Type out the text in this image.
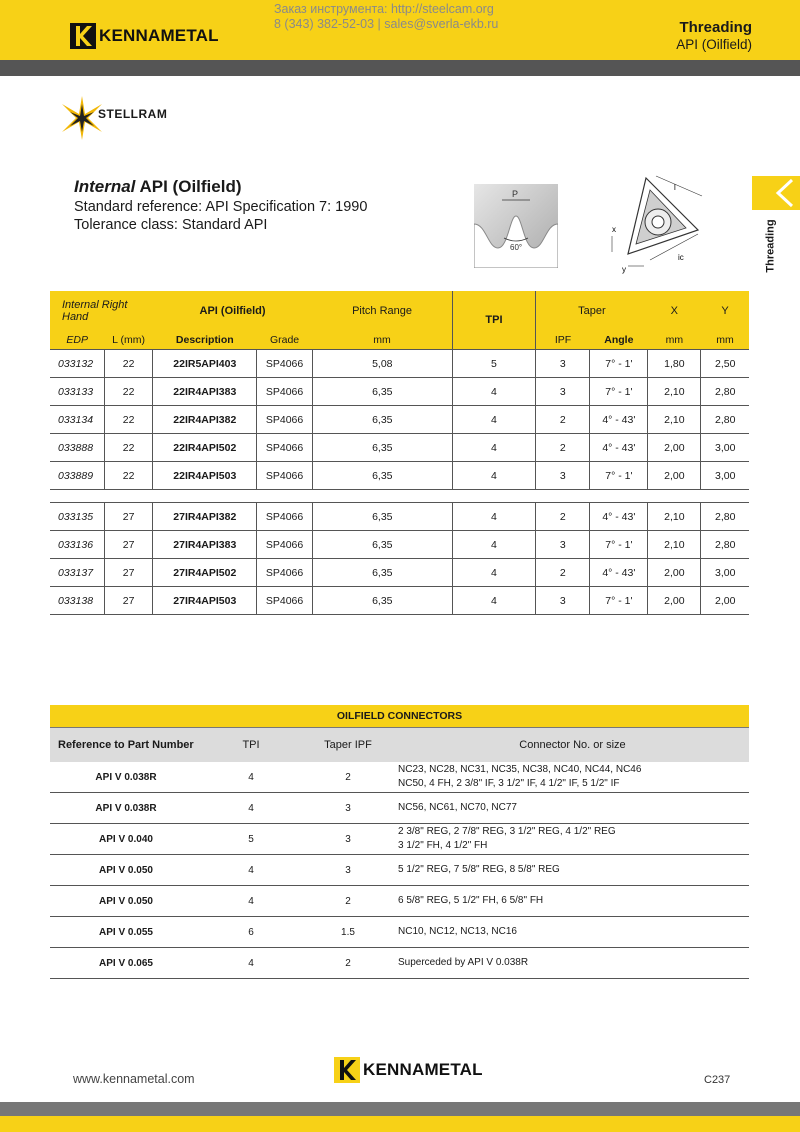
KENNAMETAL
Заказ инструмента: http://steelcam.org
8 (343) 382-52-03 | sales@sverla-ekb.ru	Threading
API (Oilfield)
STELLRAM
Internal API (Oilfield)
Standard reference: API Specification 7: 1990
Tolerance class: Standard API
P
60°
l
ic
x
y	Threading
Internal Right Hand		API (Oilfield)		Pitch Range	TPI	Taper		X	Y
EDP	L (mm)	Description	Grade	mm		IPF	Angle	mm	mm
033132	22	22IR5API403	SP4066	5,08	5	3	7° - 1'	1,80	2,50
033133	22	22IR4API383	SP4066	6,35	4	3	7° - 1'	2,10	2,80
033134	22	22IR4API382	SP4066	6,35	4	2	4° - 43'	2,10	2,80
033888	22	22IR4API502	SP4066	6,35	4	2	4° - 43'	2,00	3,00
033889	22	22IR4API503	SP4066	6,35	4	3	7° - 1'	2,00	3,00

033135	27	27IR4API382	SP4066	6,35	4	2	4° - 43'	2,10	2,80
033136	27	27IR4API383	SP4066	6,35	4	3	7° - 1'	2,10	2,80
033137	27	27IR4API502	SP4066	6,35	4	2	4° - 43'	2,00	3,00
033138	27	27IR4API503	SP4066	6,35	4	3	7° - 1'	2,00	2,00
OILFIELD CONNECTORS			
Reference to Part Number	TPI	Taper IPF	Connector No. or size
API V 0.038R	4	2	NC23, NC28, NC31, NC35, NC38, NC40, NC44, NC46
NC50, 4 FH, 2 3/8" IF, 3 1/2" IF, 4 1/2" IF, 5 1/2" IF

API V 0.038R	4	3	NC56, NC61, NC70, NC77

API V 0.040	5	3	2 3/8" REG, 2 7/8" REG, 3 1/2" REG, 4 1/2" REG
3 1/2" FH, 4 1/2" FH

API V 0.050	4	3	5 1/2" REG, 7 5/8" REG, 8 5/8" REG

API V 0.050	4	2	6 5/8" REG, 5 1/2" FH, 6 5/8" FH

API V 0.055	6	1.5	NC10, NC12, NC13, NC16

API V 0.065	4	2	Superceded by API V 0.038R
www.kennametal.com	KENNAMETAL
C237
